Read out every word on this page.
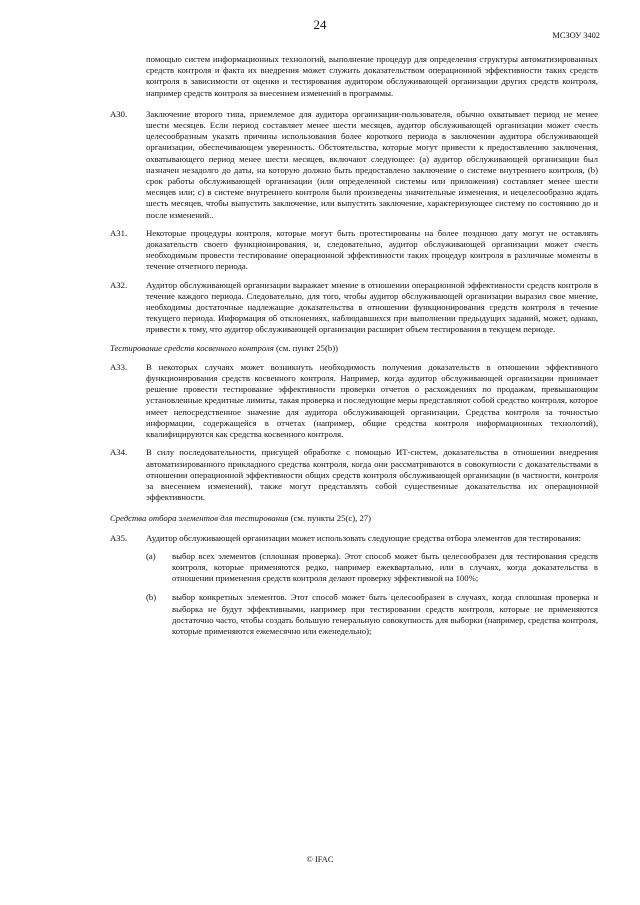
24
МСЗОУ 3402
помощью систем информационных технологий, выполнение процедур для определения структуры автоматизированных средств контроля и факта их внедрения может служить доказательством операционной эффективности таких средств контроля в зависимости от оценки и тестирования аудитором обслуживающей организации других средств контроля, например средств контроля за внесением изменений в программы.
А30. Заключение второго типа, приемлемое для аудитора организации-пользователя, обычно охватывает период не менее шести месяцев. Если период составляет менее шести месяцев, аудитор обслуживающей организации может счесть целесообразным указать причины использования более короткого периода в заключении аудитора обслуживающей организации, обеспечивающем уверенность. Обстоятельства, которые могут привести к предоставлению заключения, охватывающего период менее шести месяцев, включают следующее: (a) аудитор обслуживающей организации был назначен незадолго до даты, на которую должно быть предоставлено заключение о системе внутреннего контроля, (b) срок работы обслуживающей организации (или определенной системы или приложения) составляет менее шести месяцев или; c) в системе внутреннего контроля были произведены значительные изменения, и нецелесообразно ждать шесть месяцев, чтобы выпустить заключение, или выпустить заключение, характеризующее систему по состоянию до и после изменений..
А31. Некоторые процедуры контроля, которые могут быть протестированы на более позднюю дату могут не оставлять доказательств своего функционирования, и, следовательно, аудитор обслуживающей организации может счесть необходимым провести тестирование операционной эффективности таких процедур контроля в различные моменты в течение отчетного периода.
А32. Аудитор обслуживающей организации выражает мнение в отношении операционной эффективности средств контроля в течение каждого периода. Следовательно, для того, чтобы аудитор обслуживающей организации выразил свое мнение, необходимы достаточные надлежащие доказательства в отношении функционирования средств контроля в течение текущего периода. Информация об отклонениях, наблюдавшихся при выполнении предыдущих заданий, может, однако, привести к тому, что аудитор обслуживающей организации расширит объем тестирования в текущем периоде.
Тестирование средств косвенного контроля (см. пункт 25(b))
А33. В некоторых случаях может возникнуть необходимость получения доказательств в отношении эффективного функционирования средств косвенного контроля. Например, когда аудитор обслуживающей организации принимает решение провести тестирование эффективности проверки отчетов о расхождениях по продажам, превышающим установленные кредитные лимиты, такая проверка и последующие меры представляют собой средство контроля, которое имеет непосредственное значение для аудитора обслуживающей организации. Средства контроля за точностью информации, содержащейся в отчетах (например, общие средства контроля информационных технологий), квалифицируются как средства косвенного контроля.
А34. В силу последовательности, присущей обработке с помощью ИТ-систем, доказательства в отношении внедрения автоматизированного прикладного средства контроля, когда они рассматриваются в совокупности с доказательствами в отношении операционной эффективности общих средств контроля обслуживающей организации (в частности, контроля за внесением изменений), также могут представлять собой существенные доказательства их операционной эффективности.
Средства отбора элементов для тестирования (см. пункты 25(c), 27)
А35. Аудитор обслуживающей организации может использовать следующие средства отбора элементов для тестирования:
(a) выбор всех элементов (сплошная проверка). Этот способ может быть целесообразен для тестирования средств контроля, которые применяются редко, например ежеквартально, или в случаях, когда доказательства в отношении применения средств контроля делают проверку эффективной на 100%;
(b) выбор конкретных элементов. Этот способ может быть целесообразен в случаях, когда сплошная проверка и выборка не будут эффективными, например при тестировании средств контроля, которые не применяются достаточно часто, чтобы создать большую генеральную совокупность для выборки (например, средства контроля, которые применяются ежемесячно или еженедельно);
© IFAC
